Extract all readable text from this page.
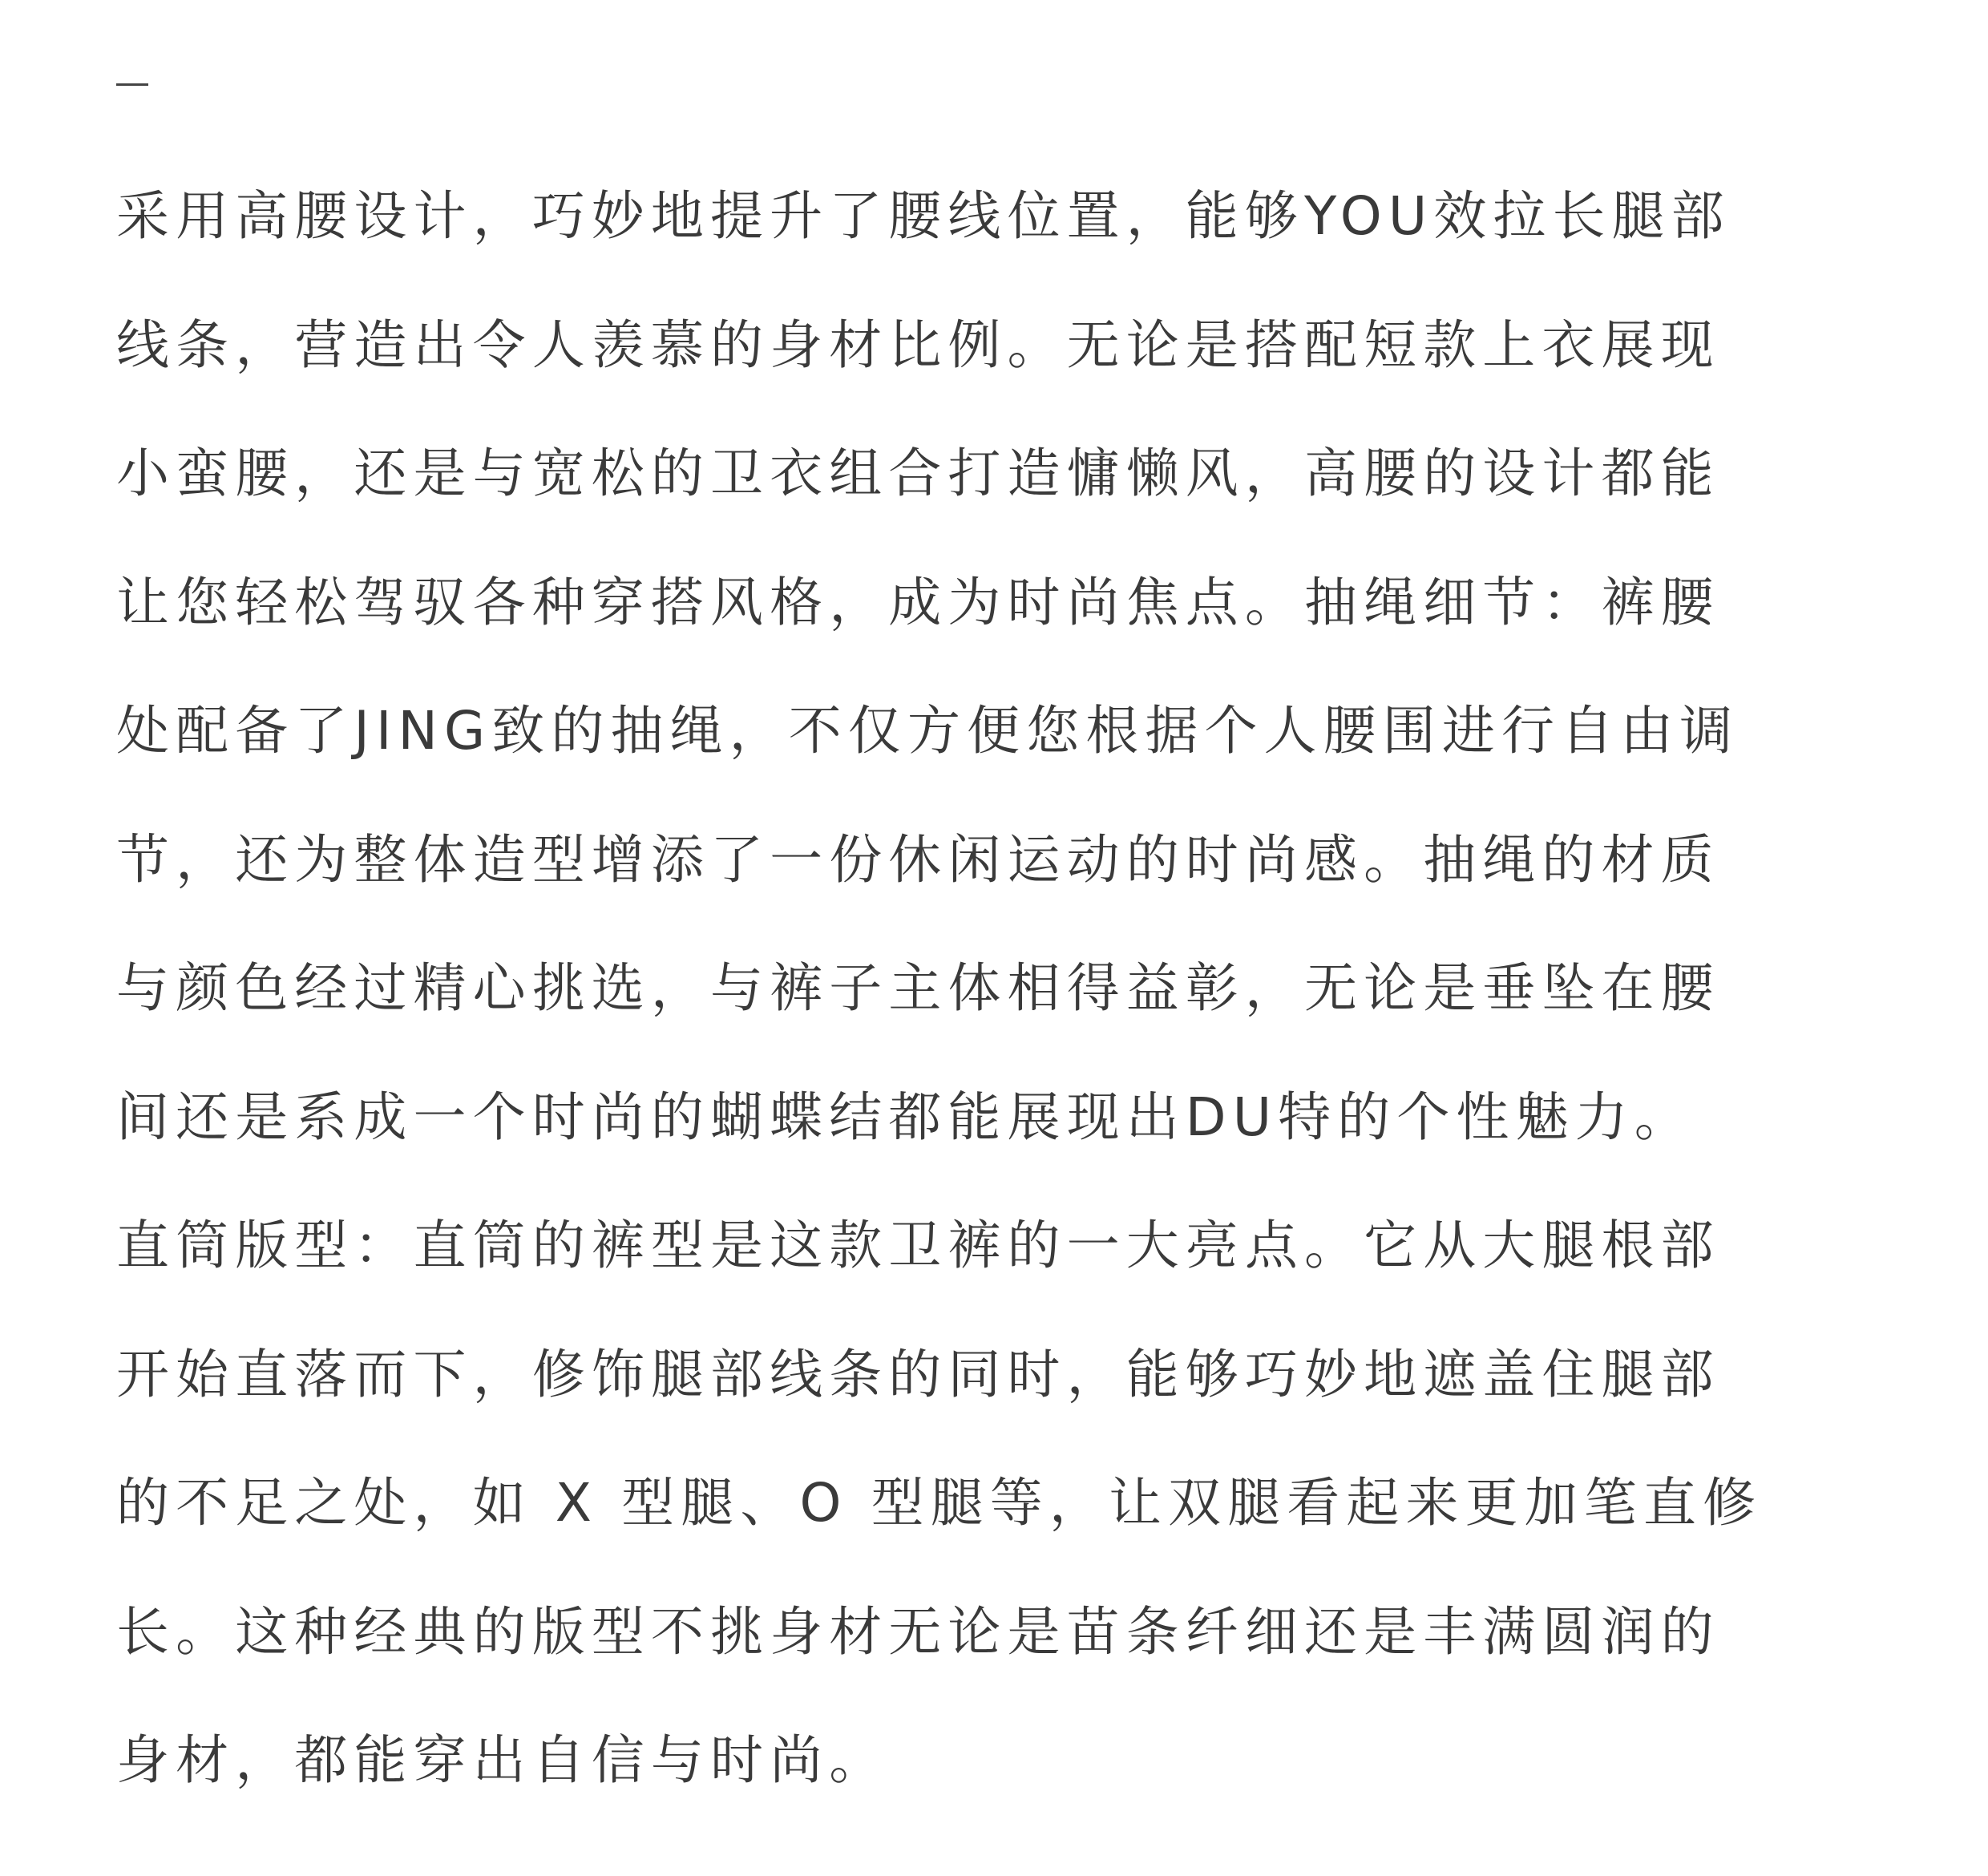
采用高腰设计，巧妙地提升了腰线位置，能够YOU效拉长腿部
线条，营造出令人羡慕的身材比例。无论是搭配短款上衣展现
小蛮腰，还是与宽松的卫衣组合打造慵懒风，高腰的设计都能
让您轻松驾驭各种穿搭风格，成为时尚焦点。抽绳细节：裤腰
处配备了JING致的抽绳，不仅方便您根据个人腰围进行自由调
节，还为整体造型增添了一份休闲运动的时尚感。抽绳的材质
与颜色经过精心挑选，与裤子主体相得益彰，无论是垂坠在腰
间还是系成一个时尚的蝴蝶结都能展现出DU特的个性魅力。
直筒版型：直筒的裤型是这款卫裤的一大亮点。它从大腿根部
开始直落而下，修饰腿部线条的同时，能够巧妙地遮盖住腿部
的不足之处，如 X 型腿、O 型腿等，让双腿看起来更加笔直修
长。这种经典的版型不挑身材无论是苗条纤细还是丰满圆润的
身材，都能穿出自信与时尚。
